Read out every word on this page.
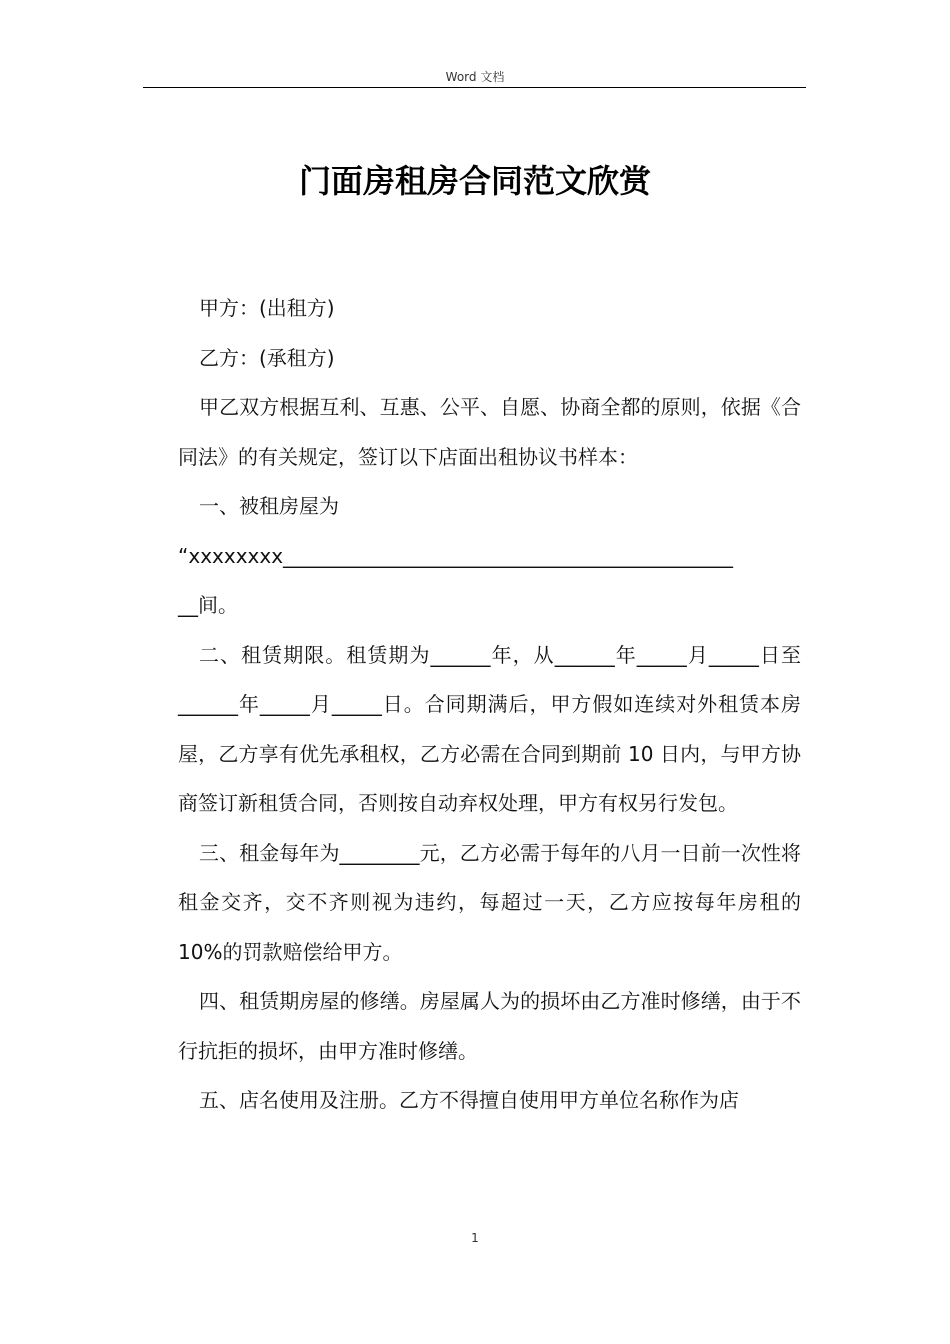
Word 文档
门面房租房合同范文欣赏

甲方：(出租方)

乙方：(承租方)

甲乙双方根据互利、互惠、公平、自愿、协商全都的原则，依据《合同法》的有关规定，签订以下店面出租协议书样本：

一、被租房屋为

“xxxxxxxx_____________________________________________

__间。

二、租赁期限。租赁期为______年，从______年_____月_____日至______年_____月_____日。合同期满后，甲方假如连续对外租赁本房屋，乙方享有优先承租权，乙方必需在合同到期前 10 日内，与甲方协商签订新租赁合同，否则按自动弃权处理，甲方有权另行发包。

三、租金每年为________元，乙方必需于每年的八月一日前一次性将租金交齐，交不齐则视为违约，每超过一天，乙方应按每年房租的 10%的罚款赔偿给甲方。

四、租赁期房屋的修缮。房屋属人为的损坏由乙方准时修缮，由于不行抗拒的损坏，由甲方准时修缮。

五、店名使用及注册。乙方不得擅自使用甲方单位名称作为店

1
